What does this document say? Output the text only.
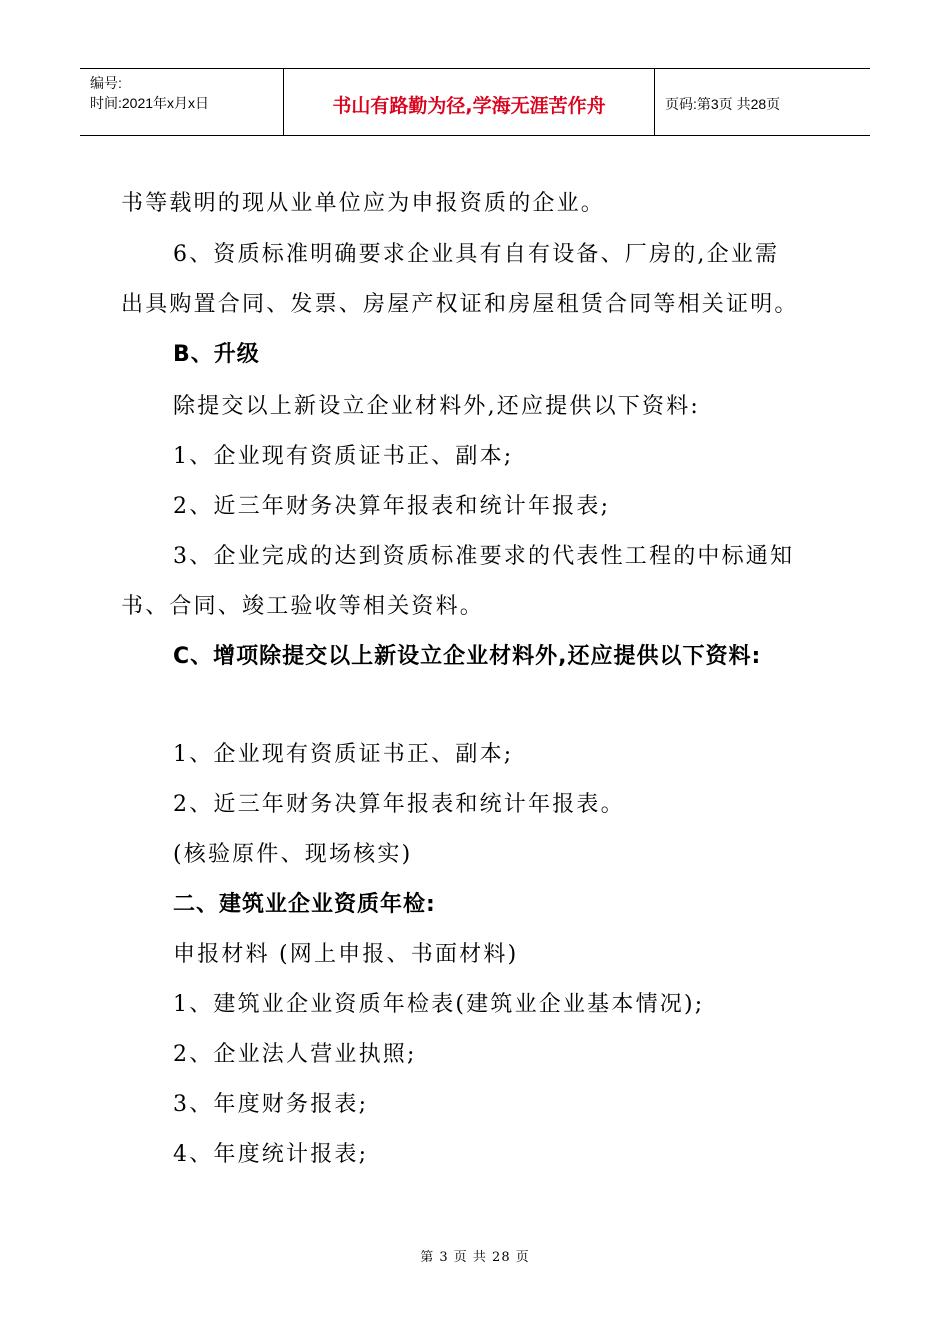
编号:
时间:2021年x月x日	书山有路勤为径,学海无涯苦作舟	页码:第3页 共28页
书等载明的现从业单位应为申报资质的企业。
6、资质标准明确要求企业具有自有设备、厂房的,企业需
出具购置合同、发票、房屋产权证和房屋租赁合同等相关证明。
B、升级
除提交以上新设立企业材料外,还应提供以下资料:
1、企业现有资质证书正、副本;
2、近三年财务决算年报表和统计年报表;
3、企业完成的达到资质标准要求的代表性工程的中标通知
书、合同、竣工验收等相关资料。
C、增项除提交以上新设立企业材料外,还应提供以下资料:
1、企业现有资质证书正、副本;
2、近三年财务决算年报表和统计年报表。
(核验原件、现场核实)
二、建筑业企业资质年检:
申报材料 (网上申报、书面材料)
1、建筑业企业资质年检表(建筑业企业基本情况);
2、企业法人营业执照;
3、年度财务报表;
4、年度统计报表;
第 3 页 共 28 页
